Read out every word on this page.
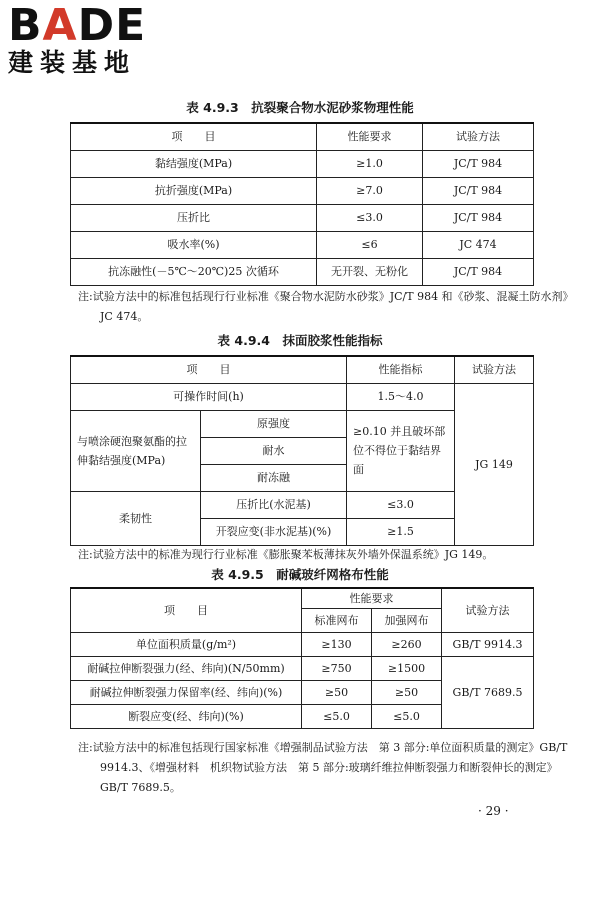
BADE
建装基地
表 4.9.3　抗裂聚合物水泥砂浆物理性能
项　　目	性能要求	试验方法
黏结强度(MPa)	≥1.0	JC/T 984
抗折强度(MPa)	≥7.0	JC/T 984
压折比	≤3.0	JC/T 984
吸水率(%)	≤6	JC 474
抗冻融性(－5℃～20℃)25 次循环	无开裂、无粉化	JC/T 984
注:试验方法中的标准包括现行行业标准《聚合物水泥防水砂浆》JC/T 984 和《砂浆、混凝土防水剂》JC 474。
表 4.9.4　抹面胶浆性能指标
项　　目		性能指标	试验方法
可操作时间(h)		1.5～4.0	JG 149
与喷涂硬泡聚氨酯的拉伸黏结强度(MPa)	原强度	≥0.10 并且破坏部位不得位于黏结界面	
	耐水		
	耐冻融		
柔韧性	压折比(水泥基)	≤3.0	
	开裂应变(非水泥基)(%)	≥1.5	
注:试验方法中的标准为现行行业标准《膨胀聚苯板薄抹灰外墙外保温系统》JG 149。
表 4.9.5　耐碱玻纤网格布性能
项　　目	性能要求		试验方法
	标准网布	加强网布	
单位面积质量(g/m²)	≥130	≥260	GB/T 9914.3
耐碱拉伸断裂强力(经、纬向)(N/50mm)	≥750	≥1500	GB/T 7689.5
耐碱拉伸断裂强力保留率(经、纬向)(%)	≥50	≥50	
断裂应变(经、纬向)(%)	≤5.0	≤5.0	
注:试验方法中的标准包括现行国家标准《增强制品试验方法　第 3 部分:单位面积质量的测定》GB/T 9914.3、《增强材料　机织物试验方法　第 5 部分:玻璃纤维拉伸断裂强力和断裂伸长的测定》GB/T 7689.5。
· 29 ·
